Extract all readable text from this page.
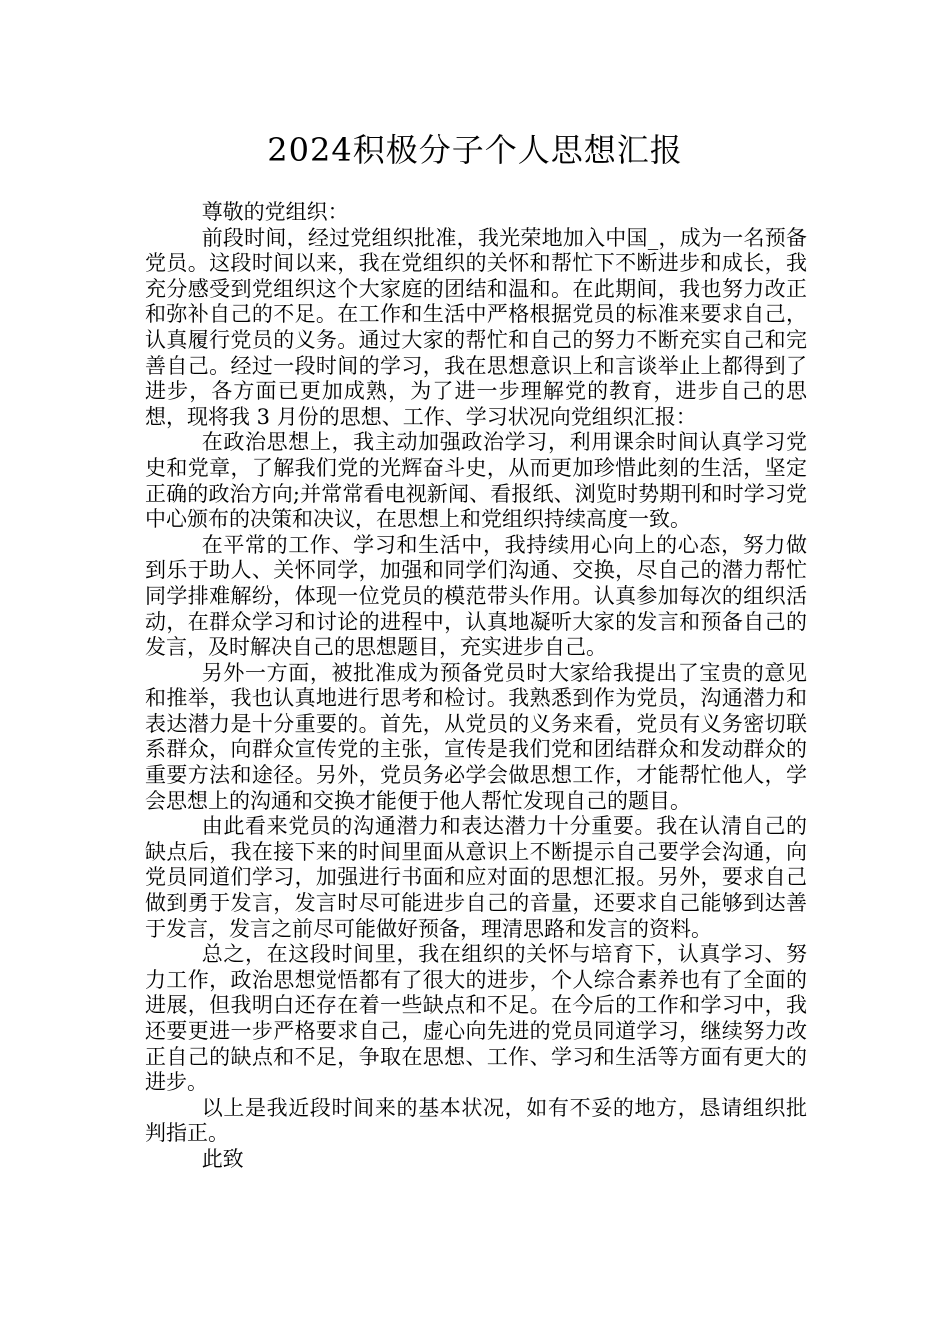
2024积极分子个人思想汇报

尊敬的党组织：

前段时间，经过党组织批准，我光荣地加入中国_，成为一名预备党员。这段时间以来，我在党组织的关怀和帮忙下不断进步和成长，我充分感受到党组织这个大家庭的团结和温和。在此期间，我也努力改正和弥补自己的不足。在工作和生活中严格根据党员的标准来要求自己，认真履行党员的义务。通过大家的帮忙和自己的努力不断充实自己和完善自己。经过一段时间的学习，我在思想意识上和言谈举止上都得到了进步，各方面已更加成熟，为了进一步理解党的教育，进步自己的思想，现将我 3 月份的思想、工作、学习状况向党组织汇报：

在政治思想上，我主动加强政治学习，利用课余时间认真学习党史和党章，了解我们党的光辉奋斗史，从而更加珍惜此刻的生活，坚定正确的政治方向;并常常看电视新闻、看报纸、浏览时势期刊和时学习党中心颁布的决策和决议，在思想上和党组织持续高度一致。

在平常的工作、学习和生活中，我持续用心向上的心态，努力做到乐于助人、关怀同学，加强和同学们沟通、交换，尽自己的潜力帮忙同学排难解纷，体现一位党员的模范带头作用。认真参加每次的组织活动，在群众学习和讨论的进程中，认真地凝听大家的发言和预备自己的发言，及时解决自己的思想题目，充实进步自己。

另外一方面，被批准成为预备党员时大家给我提出了宝贵的意见和推举，我也认真地进行思考和检讨。我熟悉到作为党员，沟通潜力和表达潜力是十分重要的。首先，从党员的义务来看，党员有义务密切联系群众，向群众宣传党的主张，宣传是我们党和团结群众和发动群众的重要方法和途径。另外，党员务必学会做思想工作，才能帮忙他人，学会思想上的沟通和交换才能便于他人帮忙发现自己的题目。

由此看来党员的沟通潜力和表达潜力十分重要。我在认清自己的缺点后，我在接下来的时间里面从意识上不断提示自己要学会沟通，向党员同道们学习，加强进行书面和应对面的思想汇报。另外，要求自己做到勇于发言，发言时尽可能进步自己的音量，还要求自己能够到达善于发言，发言之前尽可能做好预备，理清思路和发言的资料。

总之，在这段时间里，我在组织的关怀与培育下，认真学习、努力工作，政治思想觉悟都有了很大的进步，个人综合素养也有了全面的进展，但我明白还存在着一些缺点和不足。在今后的工作和学习中，我还要更进一步严格要求自己，虚心向先进的党员同道学习，继续努力改正自己的缺点和不足，争取在思想、工作、学习和生活等方面有更大的进步。

以上是我近段时间来的基本状况，如有不妥的地方，恳请组织批判指正。

此致
